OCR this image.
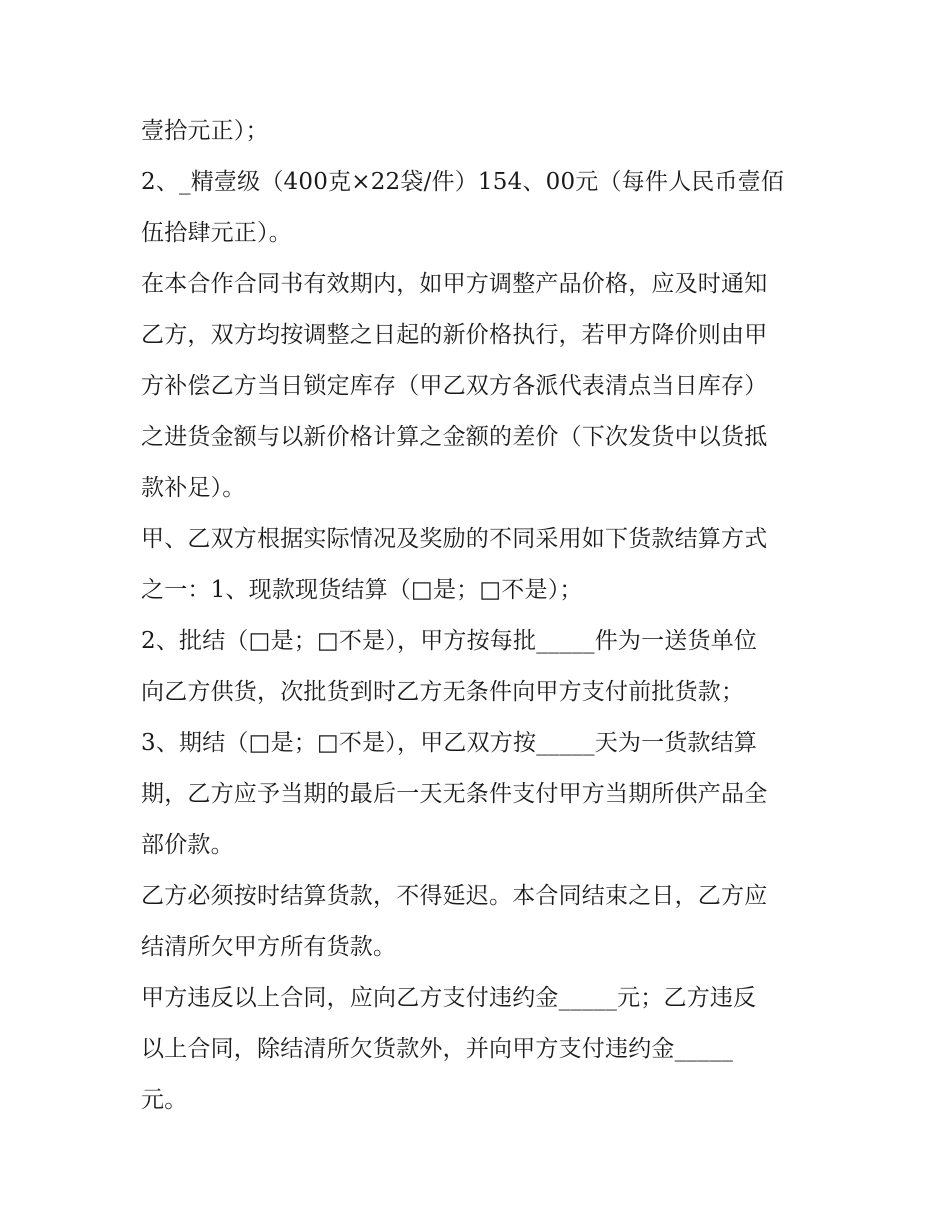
壹拾元正）；
2、_精壹级（400克×22袋/件）154、00元（每件人民币壹佰
伍拾肆元正）。
在本合作合同书有效期内，如甲方调整产品价格，应及时通知
乙方，双方均按调整之日起的新价格执行，若甲方降价则由甲
方补偿乙方当日锁定库存（甲乙双方各派代表清点当日库存）
之进货金额与以新价格计算之金额的差价（下次发货中以货抵
款补足）。
甲、乙双方根据实际情况及奖励的不同采用如下货款结算方式
之一：1、现款现货结算（□是；□不是）；
2、批结（□是；□不是），甲方按每批_____件为一送货单位
向乙方供货，次批货到时乙方无条件向甲方支付前批货款；
3、期结（□是；□不是），甲乙双方按_____天为一货款结算
期，乙方应予当期的最后一天无条件支付甲方当期所供产品全
部价款。
乙方必须按时结算货款，不得延迟。本合同结束之日，乙方应
结清所欠甲方所有货款。
甲方违反以上合同，应向乙方支付违约金_____元；乙方违反
以上合同，除结清所欠货款外，并向甲方支付违约金_____
元。
